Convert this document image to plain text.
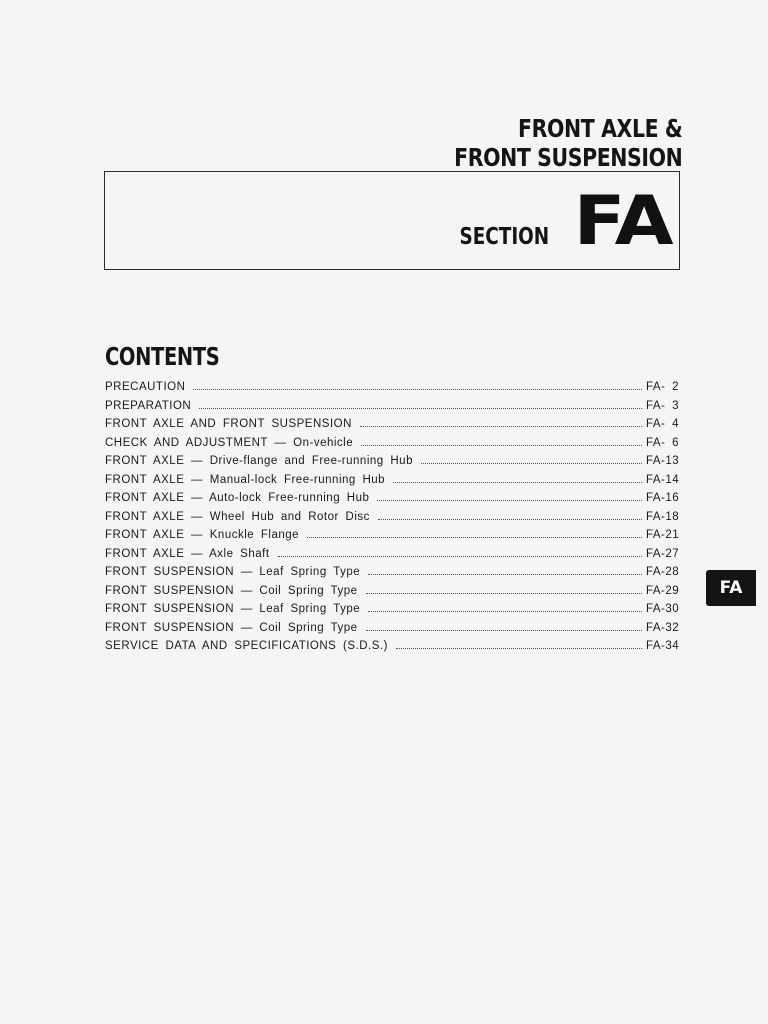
FRONT AXLE &
FRONT SUSPENSION
SECTION FA
CONTENTS
PRECAUTION	FA- 2
PREPARATION	FA- 3
FRONT AXLE AND FRONT SUSPENSION	FA- 4
CHECK AND ADJUSTMENT — On-vehicle	FA- 6
FRONT AXLE — Drive-flange and Free-running Hub	FA-13
FRONT AXLE — Manual-lock Free-running Hub	FA-14
FRONT AXLE — Auto-lock Free-running Hub	FA-16
FRONT AXLE — Wheel Hub and Rotor Disc	FA-18
FRONT AXLE — Knuckle Flange	FA-21
FRONT AXLE — Axle Shaft	FA-27
FRONT SUSPENSION — Leaf Spring Type	FA-28
FRONT SUSPENSION — Coil Spring Type	FA-29
FRONT SUSPENSION — Leaf Spring Type	FA-30
FRONT SUSPENSION — Coil Spring Type	FA-32
SERVICE DATA AND SPECIFICATIONS (S.D.S.)	FA-34
FA
